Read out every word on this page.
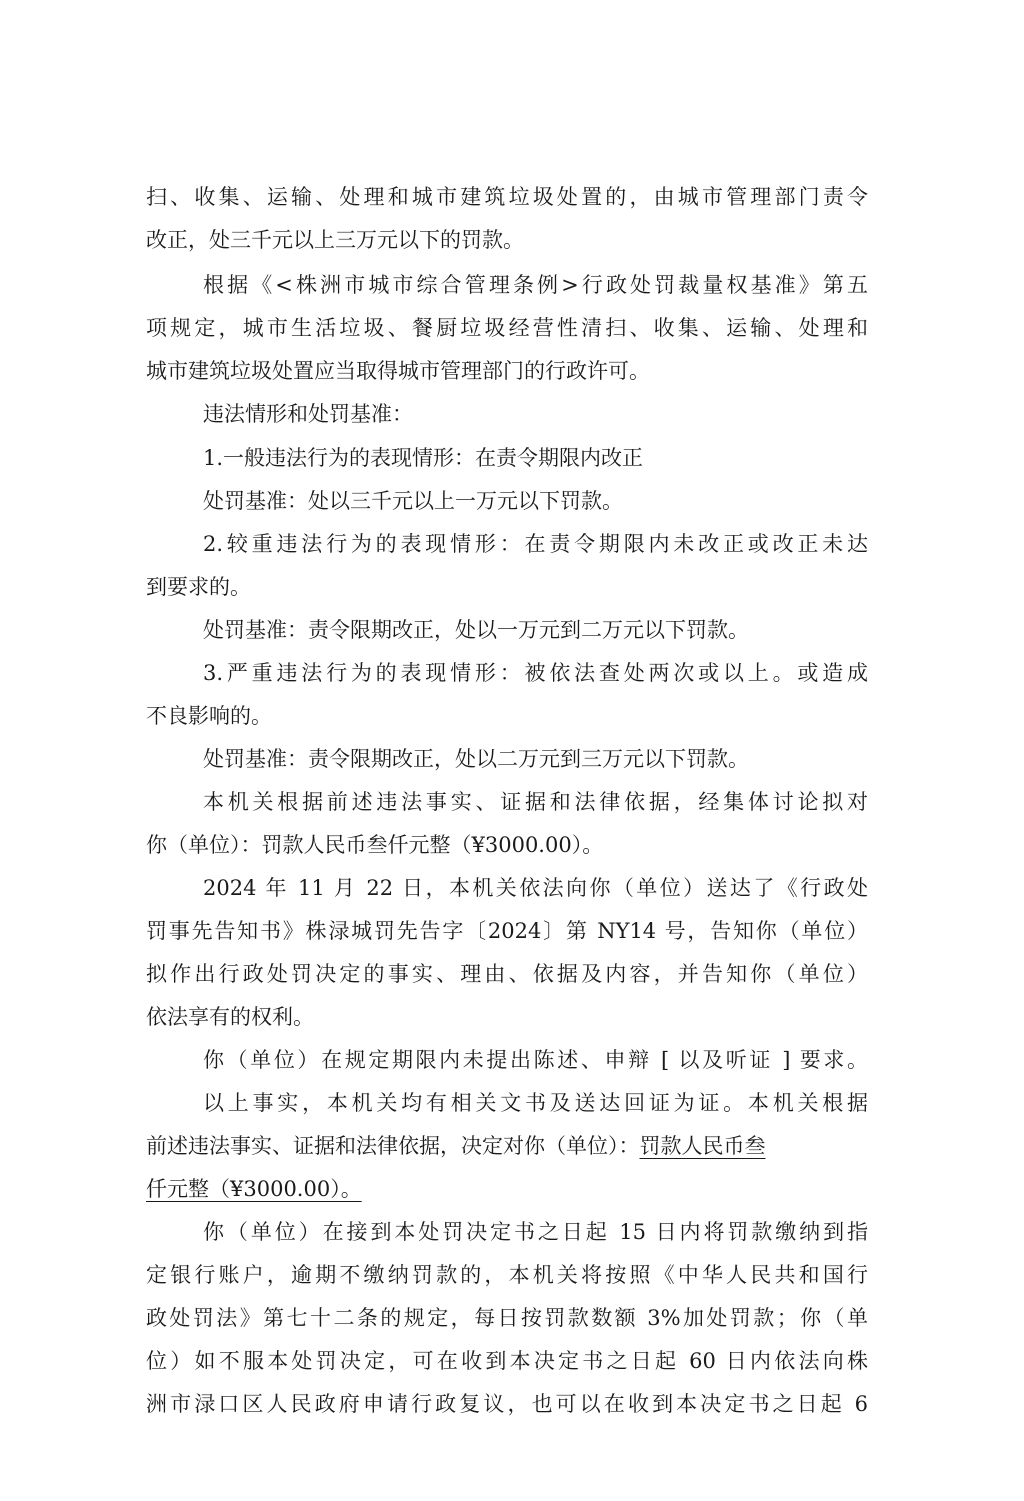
扫、收集、运输、处理和城市建筑垃圾处置的，由城市管理部门责令
改正，处三千元以上三万元以下的罚款。
根据《<株洲市城市综合管理条例>行政处罚裁量权基准》第五
项规定，城市生活垃圾、餐厨垃圾经营性清扫、收集、运输、处理和
城市建筑垃圾处置应当取得城市管理部门的行政许可。
违法情形和处罚基准：
1.一般违法行为的表现情形：在责令期限内改正
处罚基准：处以三千元以上一万元以下罚款。
2.较重违法行为的表现情形：在责令期限内未改正或改正未达
到要求的。
处罚基准：责令限期改正，处以一万元到二万元以下罚款。
3.严重违法行为的表现情形：被依法查处两次或以上。或造成
不良影响的。
处罚基准：责令限期改正，处以二万元到三万元以下罚款。
本机关根据前述违法事实、证据和法律依据，经集体讨论拟对
你（单位）：罚款人民币叁仟元整（¥3000.00）。
2024 年 11 月 22 日，本机关依法向你（单位）送达了《行政处
罚事先告知书》株渌城罚先告字〔2024〕第 NY14 号，告知你（单位）
拟作出行政处罚决定的事实、理由、依据及内容，并告知你（单位）
依法享有的权利。
你（单位）在规定期限内未提出陈述、申辩 [ 以及听证 ] 要求。
以上事实，本机关均有相关文书及送达回证为证。本机关根据
前述违法事实、证据和法律依据，决定对你（单位）：罚款人民币叁
仟元整（¥3000.00）。
你（单位）在接到本处罚决定书之日起 15 日内将罚款缴纳到指
定银行账户，逾期不缴纳罚款的，本机关将按照《中华人民共和国行
政处罚法》第七十二条的规定，每日按罚款数额 3%加处罚款；你（单
位）如不服本处罚决定，可在收到本决定书之日起 60 日内依法向株
洲市渌口区人民政府申请行政复议，也可以在收到本决定书之日起 6
